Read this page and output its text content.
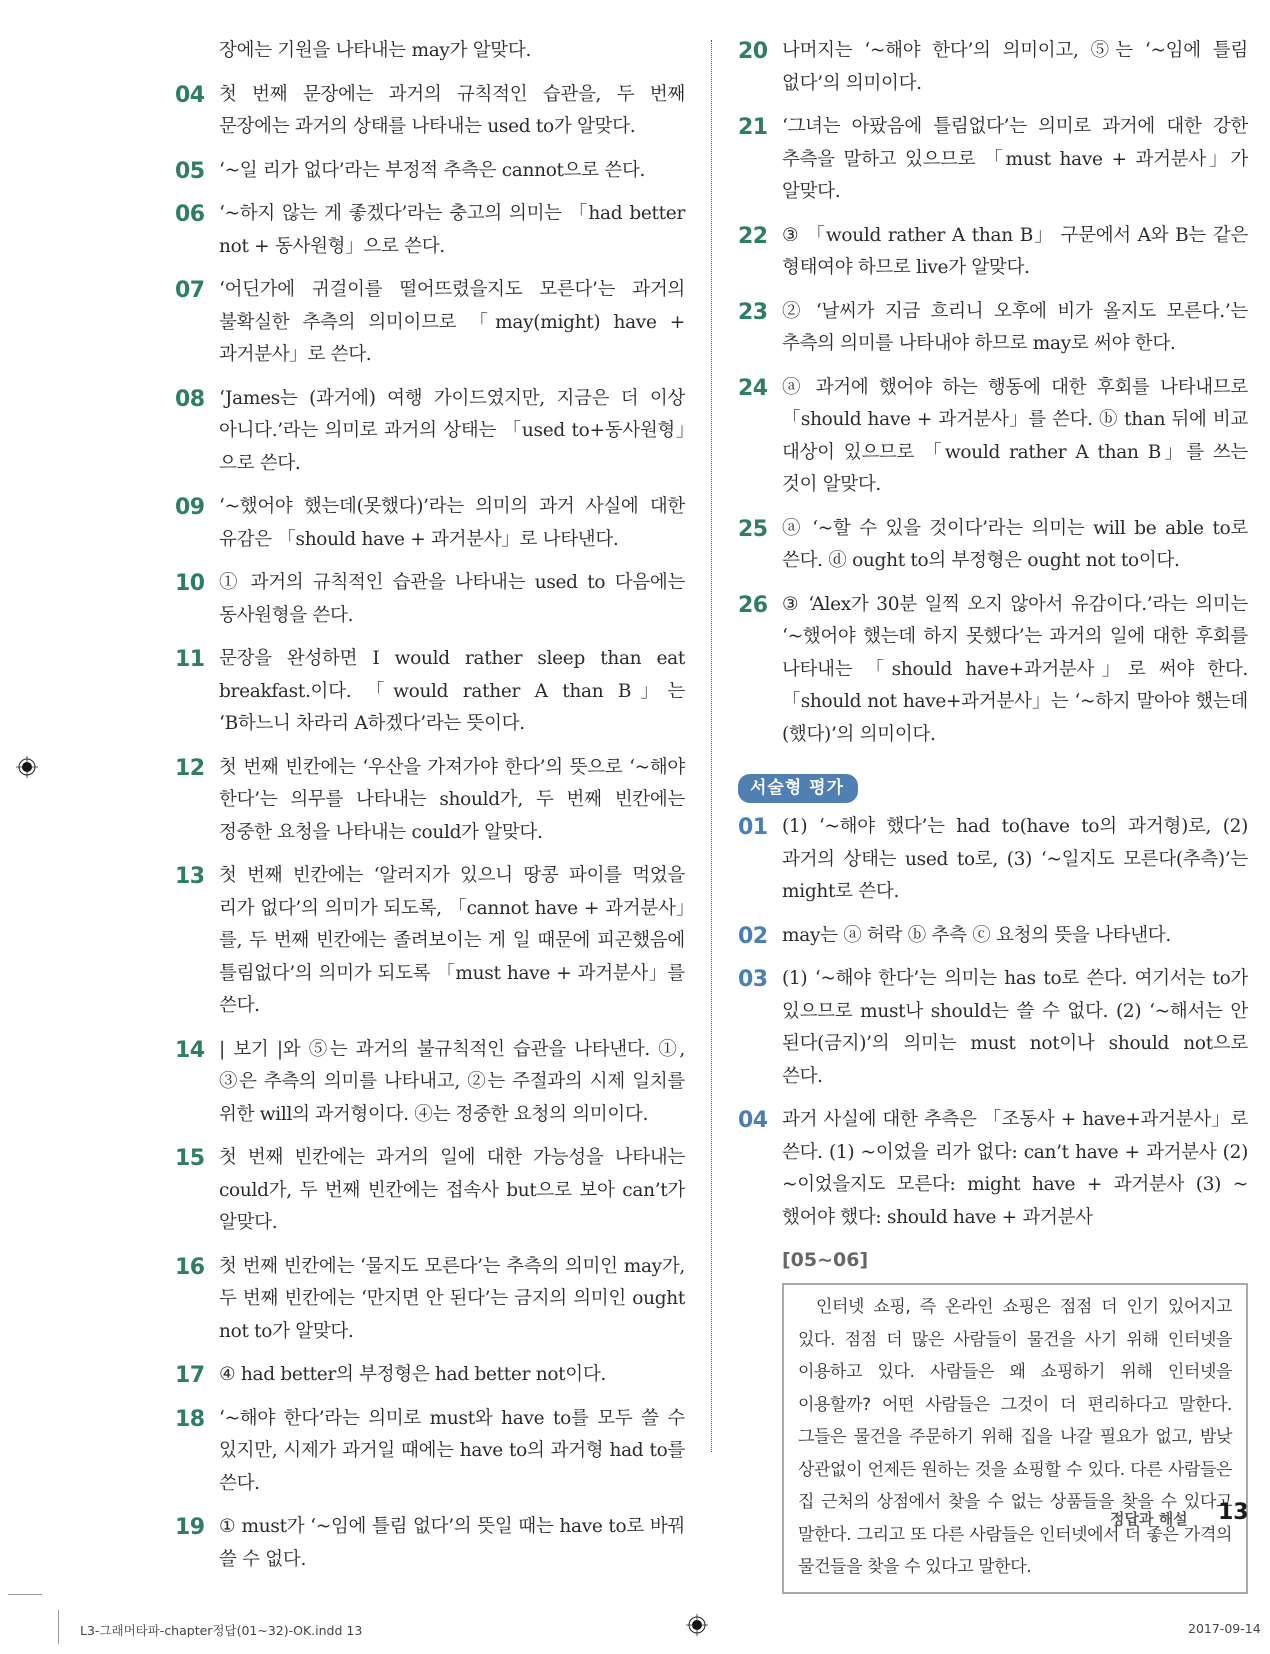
장에는 기원을 나타내는 may가 알맞다.
04 첫 번째 문장에는 과거의 규칙적인 습관을, 두 번째 문장에는 과거의 상태를 나타내는 used to가 알맞다.
05 ‘~일 리가 없다’라는 부정적 추측은 cannot으로 쓴다.
06 ‘~하지 않는 게 좋겠다’라는 충고의 의미는 「had better not + 동사원형」으로 쓴다.
07 ‘어딘가에 귀걸이를 떨어뜨렸을지도 모른다’는 과거의 불확실한 추측의 의미이므로 「may(might) have + 과거분사」로 쓴다.
08 ‘James는 (과거에) 여행 가이드였지만, 지금은 더 이상 아니다.’라는 의미로 과거의 상태는 「used to+동사원형」으로 쓴다.
09 ‘~했어야 했는데(못했다)’라는 의미의 과거 사실에 대한 유감은 「should have + 과거분사」로 나타낸다.
10 ① 과거의 규칙적인 습관을 나타내는 used to 다음에는 동사원형을 쓴다.
11 문장을 완성하면 I would rather sleep than eat breakfast.이다. 「would rather A than B」는 ‘B하느니 차라리 A하겠다’라는 뜻이다.
12 첫 번째 빈칸에는 ‘우산을 가져가야 한다’의 뜻으로 ‘~해야 한다’는 의무를 나타내는 should가, 두 번째 빈칸에는 정중한 요청을 나타내는 could가 알맞다.
13 첫 번째 빈칸에는 ‘알러지가 있으니 땅콩 파이를 먹었을 리가 없다’의 의미가 되도록, 「cannot have + 과거분사」를, 두 번째 빈칸에는 졸려보이는 게 일 때문에 피곤했음에 틀림없다’의 의미가 되도록 「must have + 과거분사」를 쓴다.
14 | 보기 |와 ⑤는 과거의 불규칙적인 습관을 나타낸다. ①, ③은 추측의 의미를 나타내고, ②는 주절과의 시제 일치를 위한 will의 과거형이다. ④는 정중한 요청의 의미이다.
15 첫 번째 빈칸에는 과거의 일에 대한 가능성을 나타내는 could가, 두 번째 빈칸에는 접속사 but으로 보아 can’t가 알맞다.
16 첫 번째 빈칸에는 ‘물지도 모른다’는 추측의 의미인 may가, 두 번째 빈칸에는 ‘만지면 안 된다’는 금지의 의미인 ought not to가 알맞다.
17 ④ had better의 부정형은 had better not이다.
18 ‘~해야 한다’라는 의미로 must와 have to를 모두 쓸 수 있지만, 시제가 과거일 때에는 have to의 과거형 had to를 쓴다.
19 ① must가 ‘~임에 틀림 없다’의 뜻일 때는 have to로 바꿔 쓸 수 없다.
20 나머지는 ‘~해야 한다’의 의미이고, ⑤는 ‘~임에 틀림 없다’의 의미이다.
21 ‘그녀는 아팠음에 틀림없다’는 의미로 과거에 대한 강한 추측을 말하고 있으므로 「must have + 과거분사」가 알맞다.
22 ③ 「would rather A than B」 구문에서 A와 B는 같은 형태여야 하므로 live가 알맞다.
23 ② ‘날씨가 지금 흐리니 오후에 비가 올지도 모른다.’는 추측의 의미를 나타내야 하므로 may로 써야 한다.
24 ⓐ 과거에 했어야 하는 행동에 대한 후회를 나타내므로 「should have + 과거분사」를 쓴다. ⓑ than 뒤에 비교 대상이 있으므로 「would rather A than B」를 쓰는 것이 알맞다.
25 ⓐ ‘~할 수 있을 것이다’라는 의미는 will be able to로 쓴다. ⓓ ought to의 부정형은 ought not to이다.
26 ③ ‘Alex가 30분 일찍 오지 않아서 유감이다.’라는 의미는 ‘~했어야 했는데 하지 못했다’는 과거의 일에 대한 후회를 나타내는 「should have+과거분사」로 써야 한다. 「should not have+과거분사」는 ‘~하지 말아야 했는데 (했다)’의 의미이다.
서술형 평가
01 (1) ‘~해야 했다’는 had to(have to의 과거형)로, (2) 과거의 상태는 used to로, (3) ‘~일지도 모른다(추측)’는 might로 쓴다.
02 may는 ⓐ 허락 ⓑ 추측 ⓒ 요청의 뜻을 나타낸다.
03 (1) ‘~해야 한다’는 의미는 has to로 쓴다. 여기서는 to가 있으므로 must나 should는 쓸 수 없다. (2) ‘~해서는 안 된다(금지)’의 의미는 must not이나 should not으로 쓴다.
04 과거 사실에 대한 추측은 「조동사 + have+과거분사」로 쓴다. (1) ~이었을 리가 없다: can’t have + 과거분사 (2) ~이었을지도 모른다: might have + 과거분사 (3) ~했어야 했다: should have + 과거분사
[05~06]
인터넷 쇼핑, 즉 온라인 쇼핑은 점점 더 인기 있어지고 있다. 점점 더 많은 사람들이 물건을 사기 위해 인터넷을 이용하고 있다. 사람들은 왜 쇼핑하기 위해 인터넷을 이용할까? 어떤 사람들은 그것이 더 편리하다고 말한다. 그들은 물건을 주문하기 위해 집을 나갈 필요가 없고, 밤낮 상관없이 언제든 원하는 것을 쇼핑할 수 있다. 다른 사람들은 집 근처의 상점에서 찾을 수 없는 상품들을 찾을 수 있다고 말한다. 그리고 또 다른 사람들은 인터넷에서 더 좋은 가격의 물건들을 찾을 수 있다고 말한다.
정답과 해설 13
L3-그래머타파-chapter정답(01~32)-OK.indd 13	2017-09-14
